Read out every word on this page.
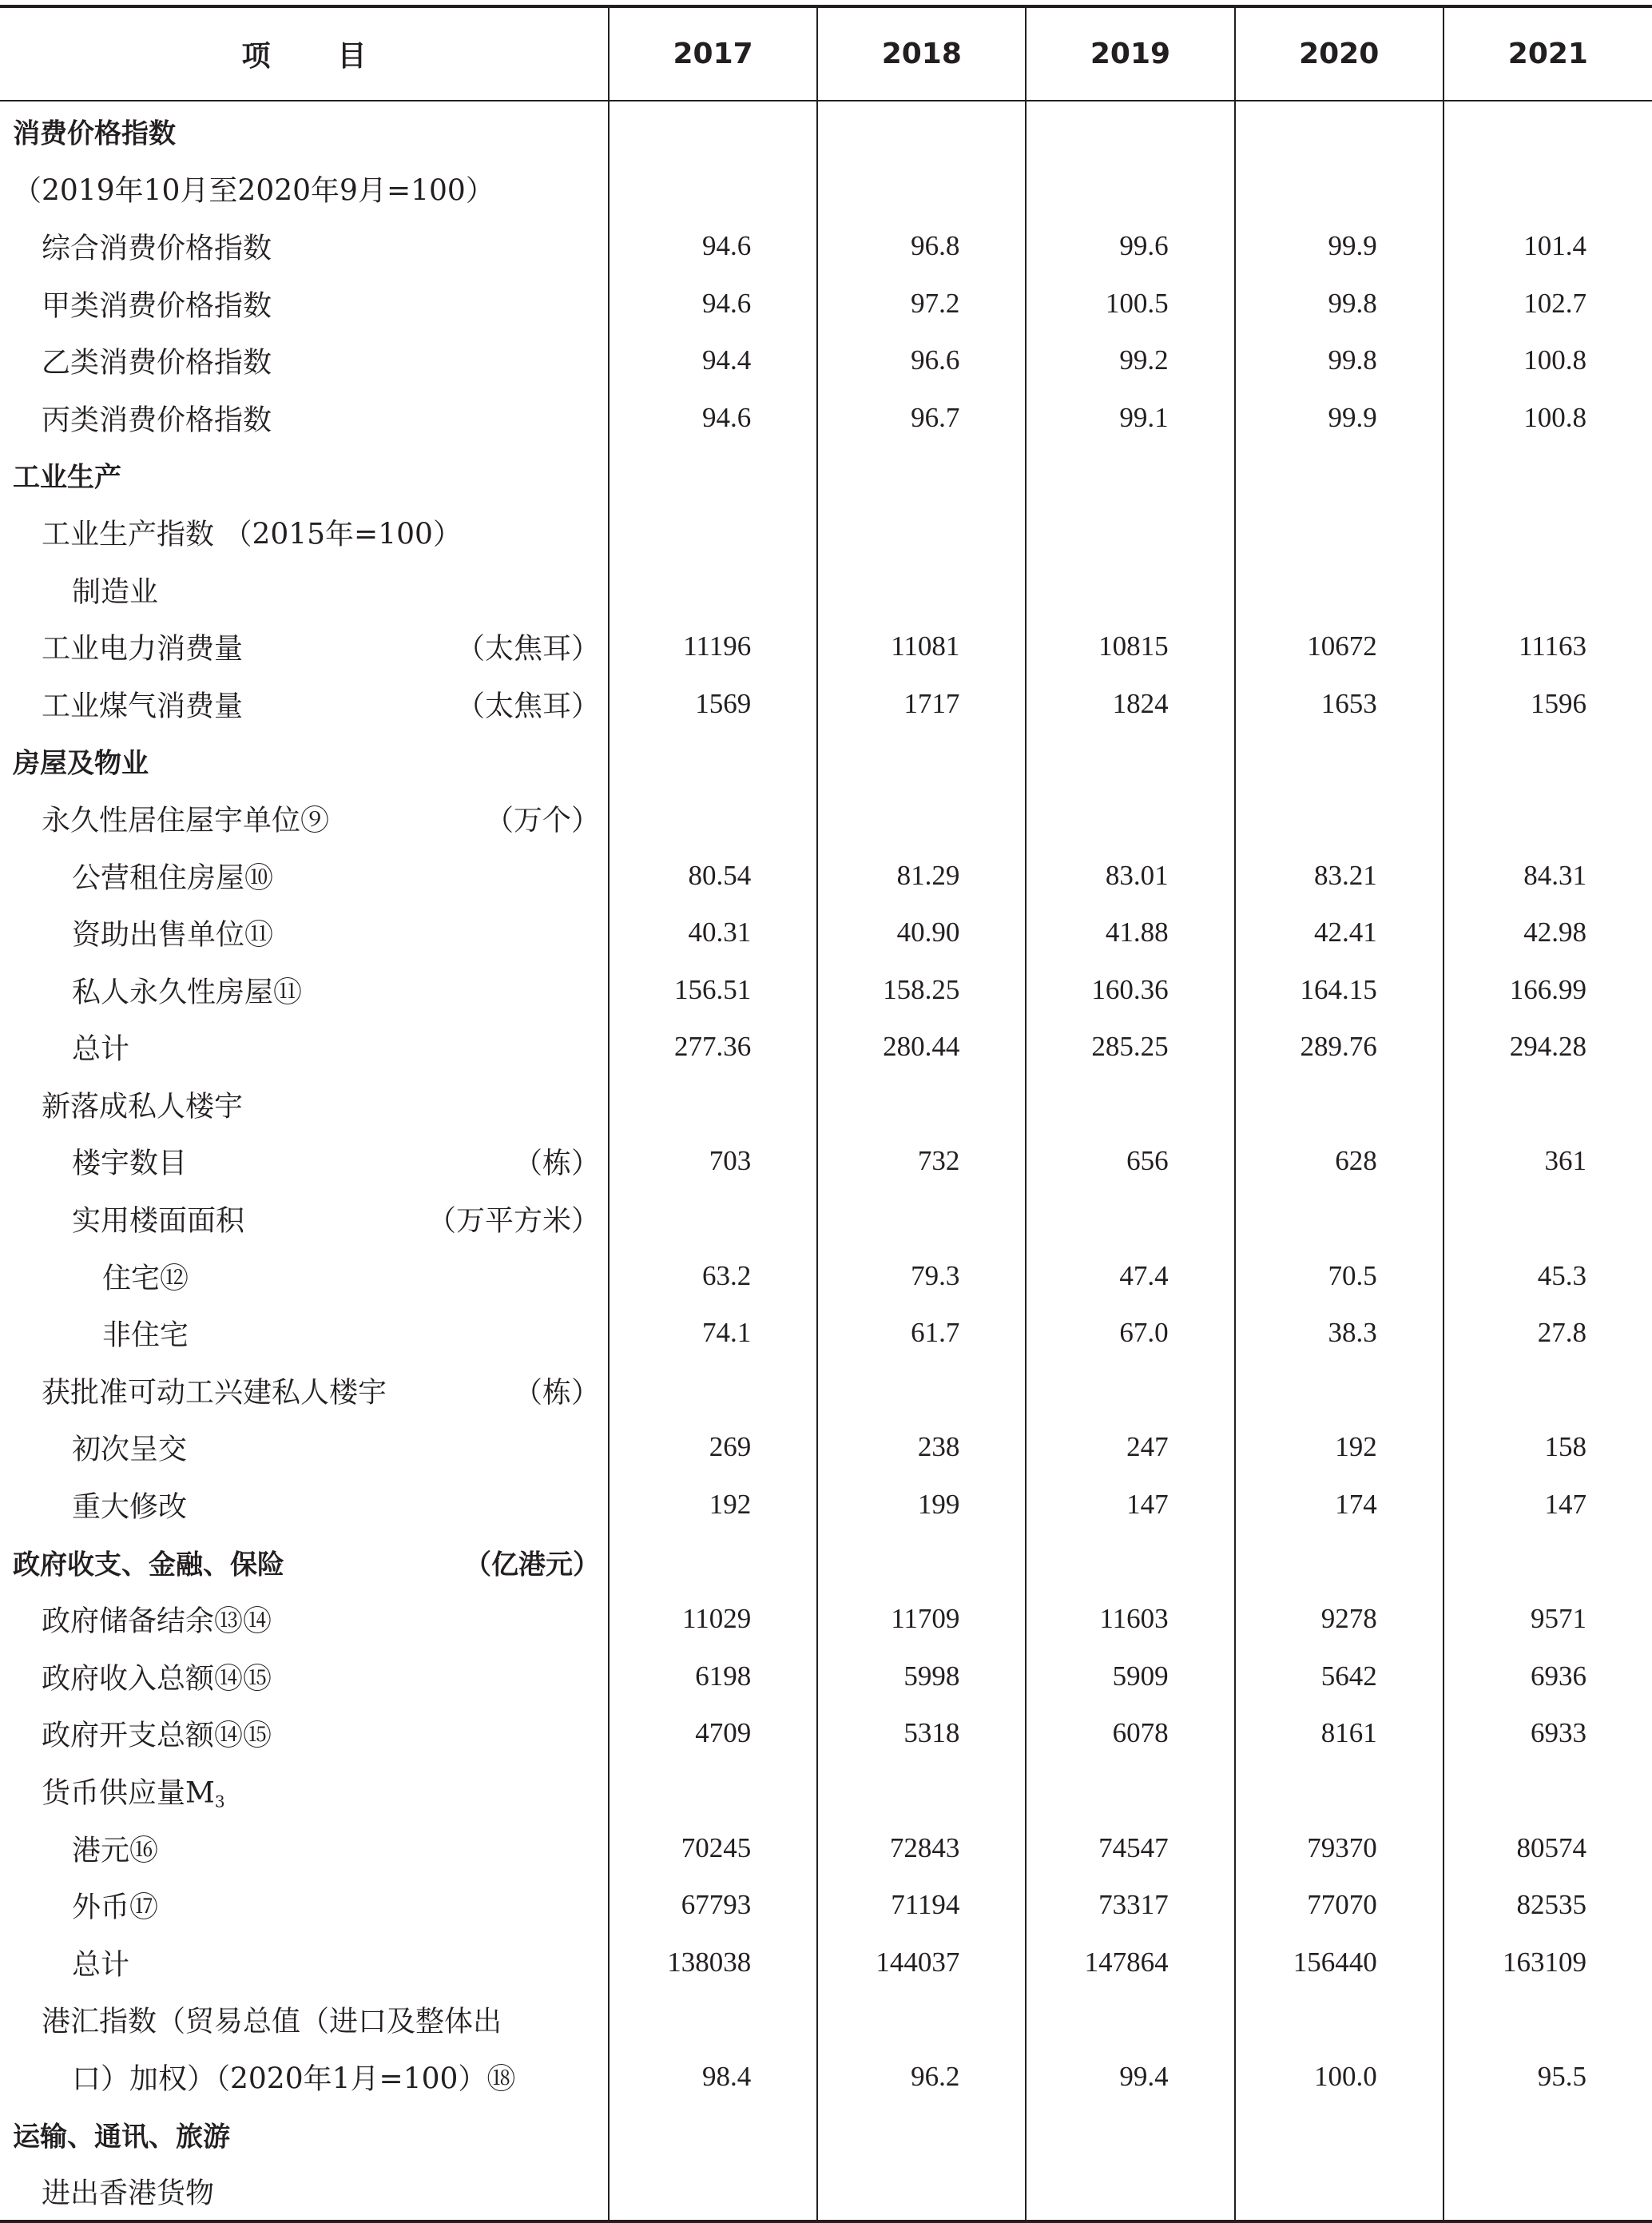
项 目	2017	2018	2019	2020	2021

消费价格指数					

（2019年10月至2020年9月=100）					

综合消费价格指数	94.6	96.8	99.6	99.9	101.4

甲类消费价格指数	94.6	97.2	100.5	99.8	102.7

乙类消费价格指数	94.4	96.6	99.2	99.8	100.8

丙类消费价格指数	94.6	96.7	99.1	99.9	100.8

工业生产					

工业生产指数 （2015年=100）					

制造业					

工业电力消费量 （太焦耳）	11196	11081	10815	10672	11163

工业煤气消费量 （太焦耳）	1569	1717	1824	1653	1596

房屋及物业					

永久性居住屋宇单位⑨ （万个）					

公营租住房屋⑩	80.54	81.29	83.01	83.21	84.31

资助出售单位⑪	40.31	40.90	41.88	42.41	42.98

私人永久性房屋⑪	156.51	158.25	160.36	164.15	166.99

总计	277.36	280.44	285.25	289.76	294.28

新落成私人楼宇					

楼宇数目 （栋）	703	732	656	628	361

实用楼面面积 （万平方米）					

住宅⑫	63.2	79.3	47.4	70.5	45.3

非住宅	74.1	61.7	67.0	38.3	27.8

获批准可动工兴建私人楼宇 （栋）					

初次呈交	269	238	247	192	158

重大修改	192	199	147	174	147

政府收支、金融、保险 （亿港元）					

政府储备结余⑬⑭	11029	11709	11603	9278	9571

政府收入总额⑭⑮	6198	5998	5909	5642	6936

政府开支总额⑭⑮	4709	5318	6078	8161	6933

货币供应量$M_3$

港元⑯	70245	72843	74547	79370	80574

外币⑰	67793	71194	73317	77070	82535

总计	138038	144037	147864	156440	163109

港汇指数（贸易总值（进口及整体出					

口）加权）（2020年1月=100）⑱	98.4	96.2	99.4	100.0	95.5

运输、通讯、旅游					

进出香港货物					
